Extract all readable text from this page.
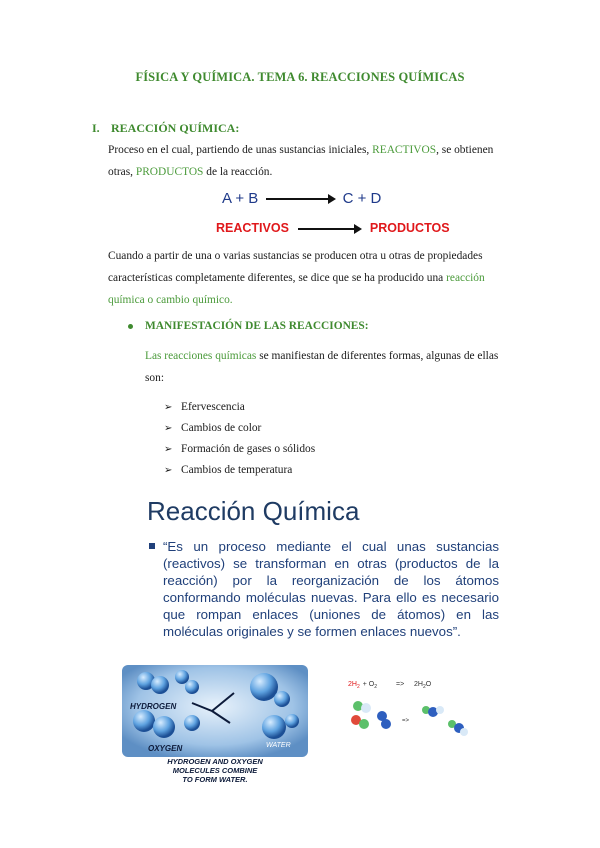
FÍSICA Y QUÍMICA. TEMA 6. REACCIONES QUÍMICAS
I. REACCIÓN QUÍMICA:
Proceso en el cual, partiendo de unas sustancias iniciales, REACTIVOS, se obtienen
otras, PRODUCTOS de la reacción.
A + B	C + D
REACTIVOS	PRODUCTOS
Cuando a partir de una o varias sustancias se producen otra u otras de propiedades
características completamente diferentes, se dice que se ha producido una reacción
química o cambio químico.
MANIFESTACIÓN DE LAS REACCIONES:
Las reacciones químicas se manifiestan de diferentes formas, algunas de ellas
son:
➢ Efervescencia
➢ Cambios de color
➢ Formación de gases o sólidos
➢ Cambios de temperatura
Reacción Química
“Es un proceso mediante el cual unas sustancias (reactivos) se transforman en otras (productos de la reacción) por la reorganización de los átomos conformando moléculas nuevas. Para ello es necesario que rompan enlaces (uniones de átomos) en las moléculas originales y se formen enlaces nuevos”.
HYDROGEN
OXYGEN	WATER
HYDROGEN AND OXYGEN
MOLECULES COMBINE
TO FORM WATER.
$2H_2 + O_2$	=> $2H_2O$
=>
